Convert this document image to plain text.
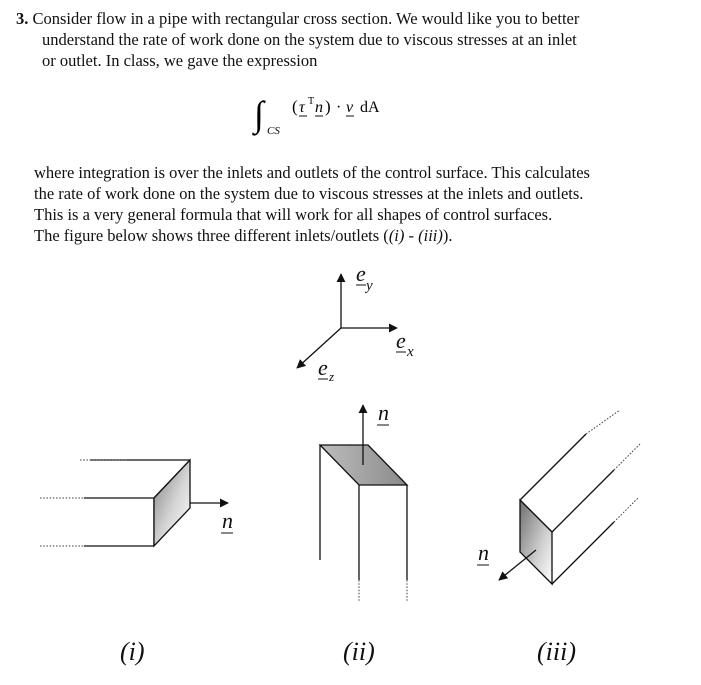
3. Consider flow in a pipe with rectangular cross section. We would like you to better
understand the rate of work done on the system due to viscous stresses at an inlet
or outlet. In class, we gave the expression
∫ CS
( τ T n ) · v dA
where integration is over the inlets and outlets of the control surface. This calculates
the rate of work done on the system due to viscous stresses at the inlets and outlets.
This is a very general formula that will work for all shapes of control surfaces.
The figure below shows three different inlets/outlets ((i) - (iii)).
e y
e x
e z
n
(i)
n
(ii)
n
(iii)
